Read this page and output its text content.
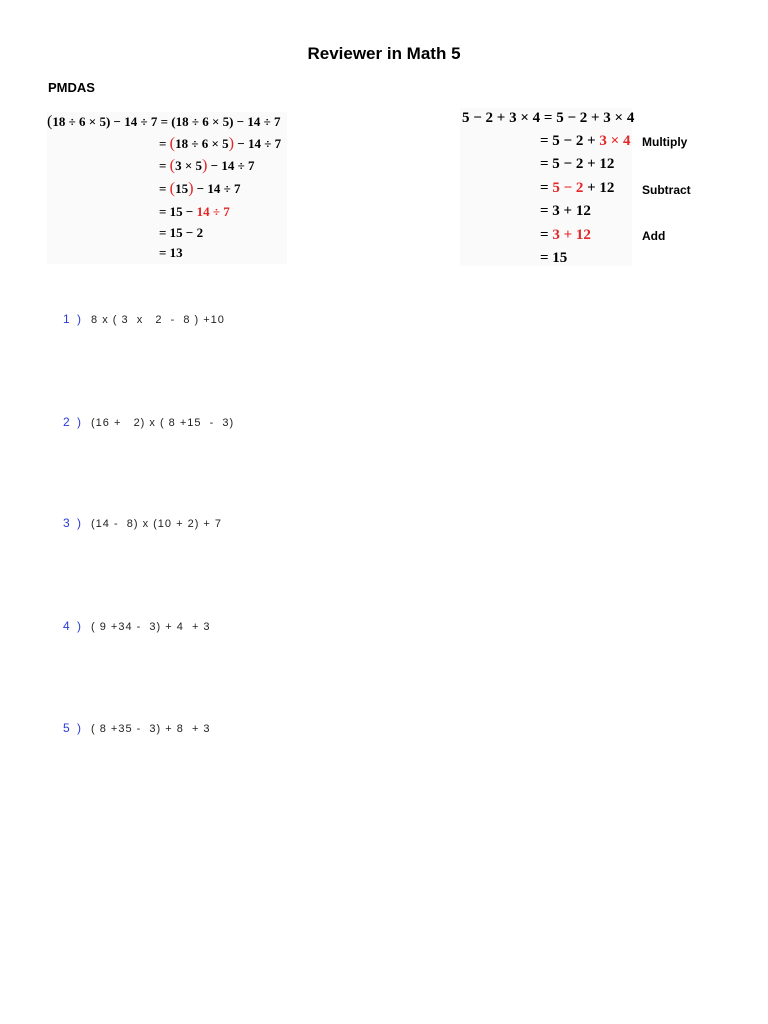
Reviewer in Math 5
PMDAS
(18 ÷ 6 × 5) − 14 ÷ 7 = (18 ÷ 6 × 5) − 14 ÷ 7
= (18 ÷ 6 × 5) − 14 ÷ 7
= (3 × 5) − 14 ÷ 7
= (15) − 14 ÷ 7
= 15 − 14 ÷ 7
= 15 − 2
= 13
5 − 2 + 3 × 4 = 5 − 2 + 3 × 4
= 5 − 2 + 3 × 4
= 5 − 2 + 12
= 5 − 2 + 12
= 3 + 12
= 3 + 12
= 15
Multiply
Subtract
Add
1 ) 8 x ( 3  x   2  -  8 ) +10
2 ) (16 +   2) x ( 8 +15  -  3)
3 ) (14 -  8) x (10 + 2) + 7
4 ) ( 9 +34 -  3) + 4  + 3
5 ) ( 8 +35 -  3) + 8  + 3
